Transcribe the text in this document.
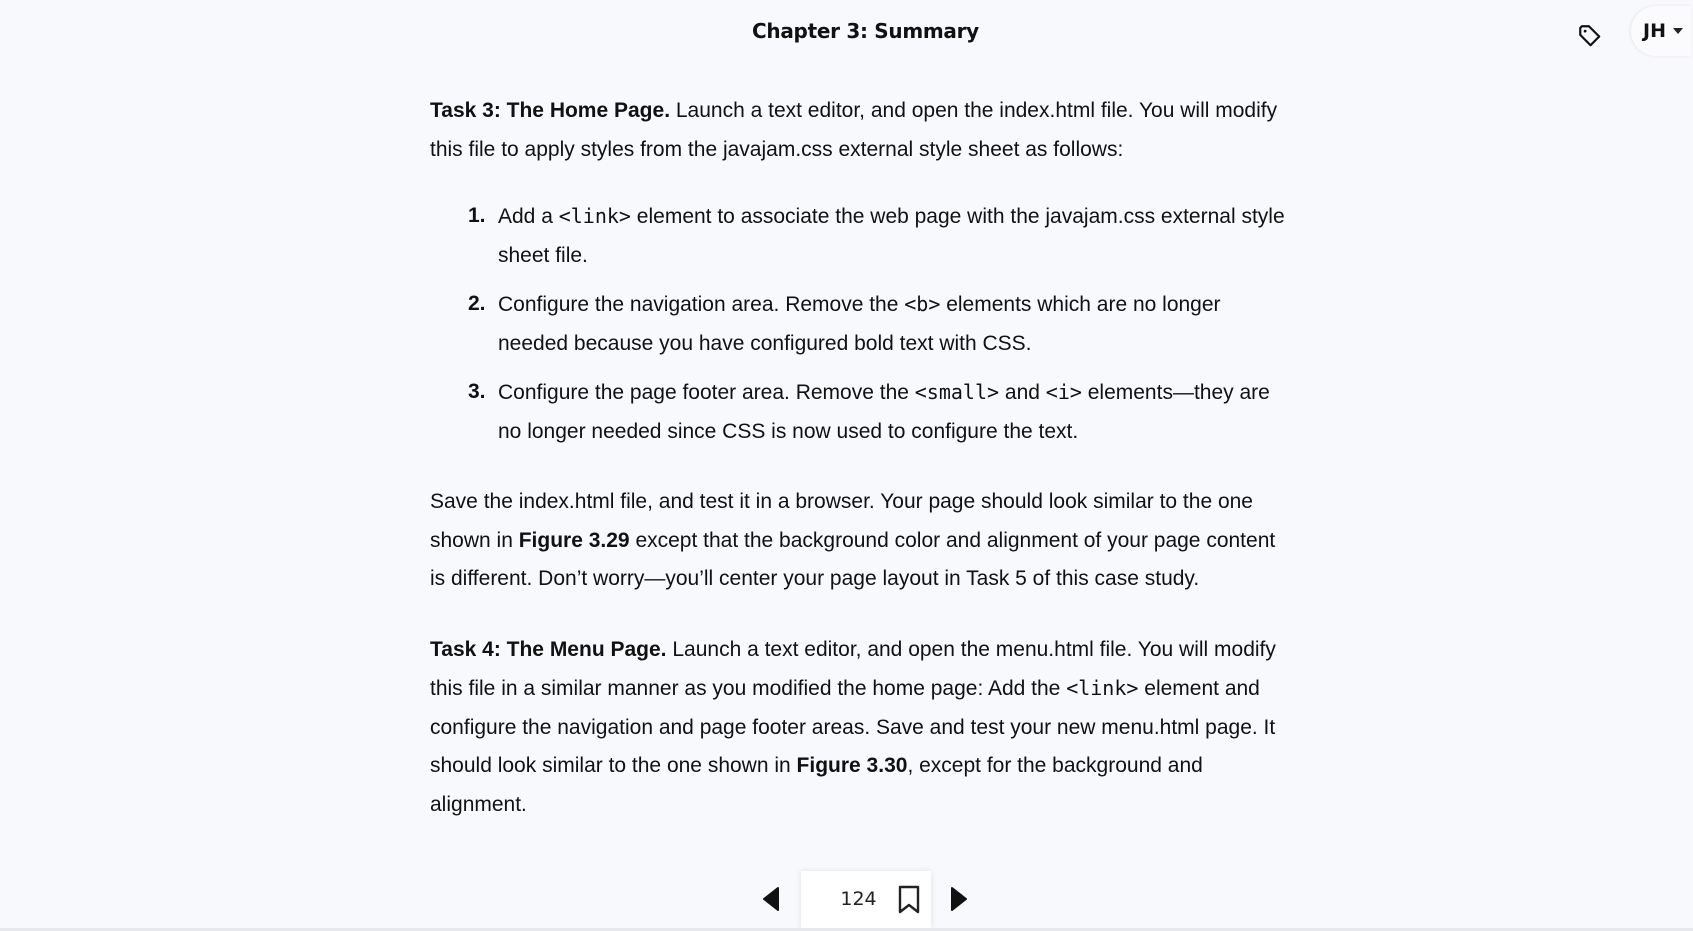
Chapter 3: Summary	JH

Task 3: The Home Page. Launch a text editor, and open the index.html file. You will modify this file to apply styles from the javajam.css external style sheet as follows:

1. Add a <link> element to associate the web page with the javajam.css external style sheet file.
2. Configure the navigation area. Remove the <b> elements which are no longer needed because you have configured bold text with CSS.
3. Configure the page footer area. Remove the <small> and <i> elements—they are no longer needed since CSS is now used to configure the text.

Save the index.html file, and test it in a browser. Your page should look similar to the one shown in Figure 3.29 except that the background color and alignment of your page content is different. Don’t worry—you’ll center your page layout in Task 5 of this case study.

Task 4: The Menu Page. Launch a text editor, and open the menu.html file. You will modify this file in a similar manner as you modified the home page: Add the <link> element and configure the navigation and page footer areas. Save and test your new menu.html page. It should look similar to the one shown in Figure 3.30, except for the background and alignment.

124
